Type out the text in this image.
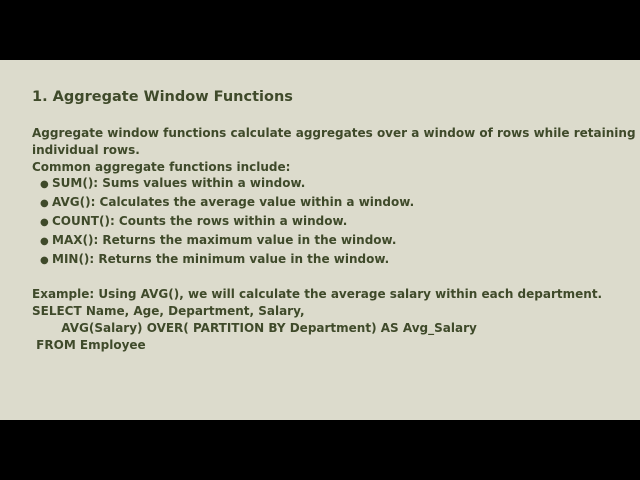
1. Aggregate Window Functions

Aggregate window functions calculate aggregates over a window of rows while retaining individual rows.

Common aggregate functions include:

● SUM(): Sums values within a window.
● AVG(): Calculates the average value within a window.
● COUNT(): Counts the rows within a window.
● MAX(): Returns the maximum value in the window.
● MIN(): Returns the minimum value in the window.

Example: Using AVG(), we will calculate the average salary within each department.

SELECT Name, Age, Department, Salary,

AVG(Salary) OVER( PARTITION BY Department) AS Avg_Salary

FROM Employee
